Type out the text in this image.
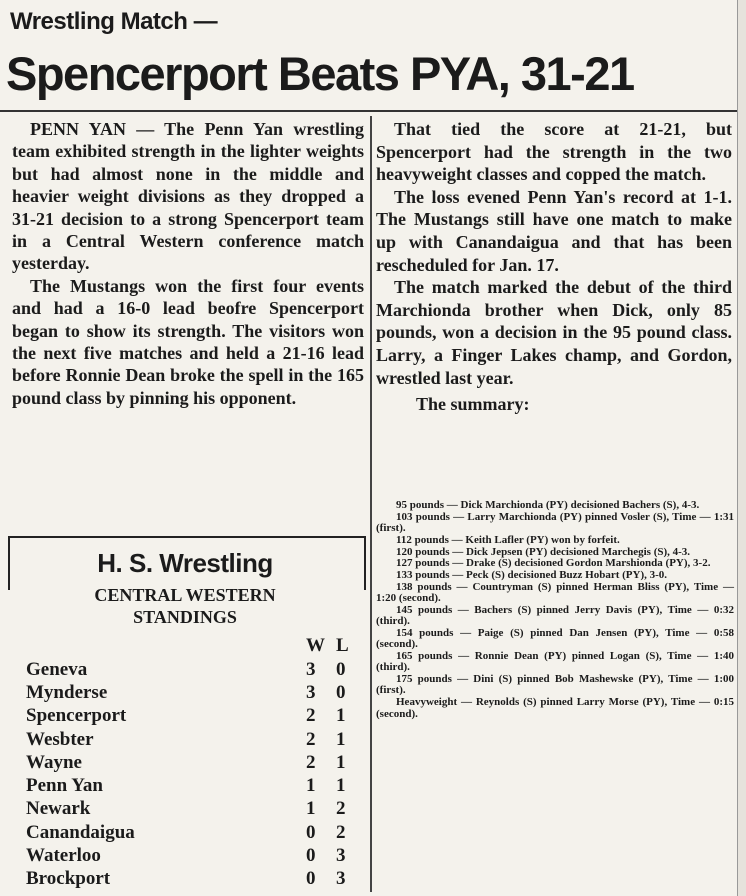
Wrestling Match —
Spencerport Beats PYA, 31-21

PENN YAN — The Penn Yan wrestling team exhibited strength in the lighter weights but had almost none in the middle and heavier weight divisions as they dropped a 31-21 decision to a strong Spencerport team in a Central Western conference match yesterday.

The Mustangs won the first four events and had a 16-0 lead beofre Spencerport began to show its strength. The visitors won the next five matches and held a 21-16 lead before Ronnie Dean broke the spell in the 165 pound class by pinning his opponent.

That tied the score at 21-21, but Spencerport had the strength in the two heavyweight classes and copped the match.

The loss evened Penn Yan's record at 1-1. The Mustangs still have one match to make up with Canandaigua and that has been rescheduled for Jan. 17.

The match marked the debut of the third Marchionda brother when Dick, only 85 pounds, won a decision in the 95 pound class. Larry, a Finger Lakes champ, and Gordon, wrestled last year.

The summary:

95 pounds — Dick Marchionda (PY) decisioned Bachers (S), 4-3.

103 pounds — Larry Marchionda (PY) pinned Vosler (S), Time — 1:31 (first).

112 pounds — Keith Lafler (PY) won by forfeit.

120 pounds — Dick Jepsen (PY) decisioned Marchegis (S), 4-3.

127 pounds — Drake (S) decisioned Gordon Marshionda (PY), 3-2.

133 pounds — Peck (S) decisioned Buzz Hobart (PY), 3-0.

138 pounds — Countryman (S) pinned Herman Bliss (PY), Time — 1:20 (second).

145 pounds — Bachers (S) pinned Jerry Davis (PY), Time — 0:32 (third).

154 pounds — Paige (S) pinned Dan Jensen (PY), Time — 0:58 (second).

165 pounds — Ronnie Dean (PY) pinned Logan (S), Time — 1:40 (third).

175 pounds — Dini (S) pinned Bob Mashewske (PY), Time — 1:00 (first).

Heavyweight — Reynolds (S) pinned Larry Morse (PY), Time — 0:15 (second).

H. S. Wrestling
CENTRAL WESTERN
STANDINGS
	W	L
Geneva	3	0
Mynderse	3	0
Spencerport	2	1
Wesbter	2	1
Wayne	2	1
Penn Yan	1	1
Newark	1	2
Canandaigua	0	2
Waterloo	0	3
Brockport	0	3
